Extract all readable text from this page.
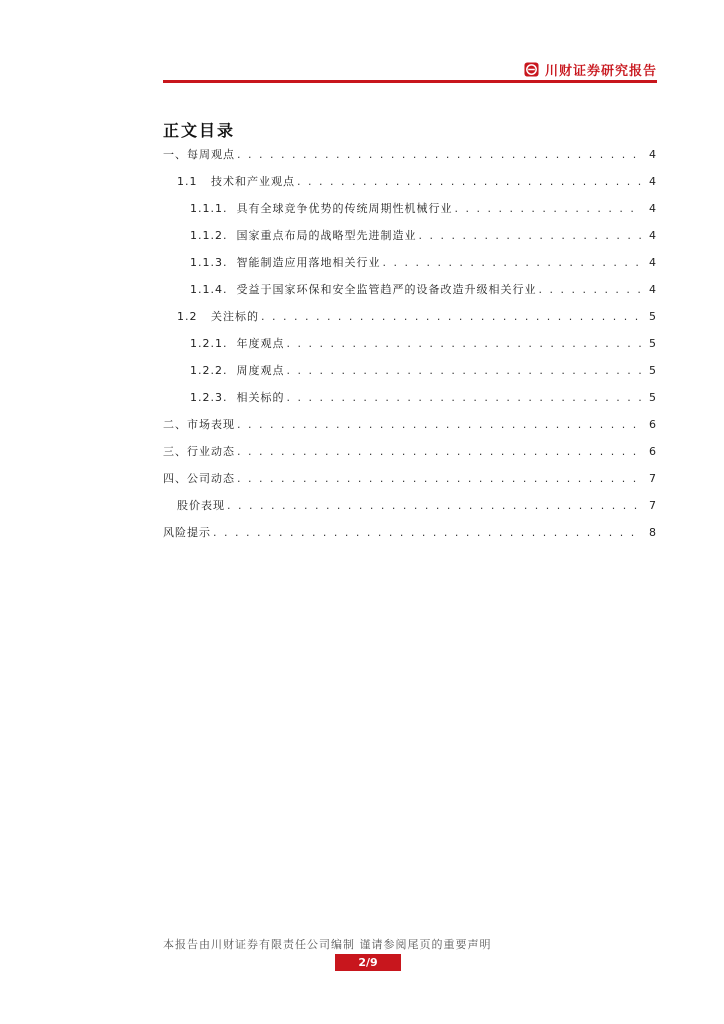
川财证券研究报告
正文目录
一、 每周观点 . . .	4
1.1 技术和产业观点 . . .	4
1.1.1. 具有全球竞争优势的传统周期性机械行业 . . .	4
1.1.2. 国家重点布局的战略型先进制造业 . . .	4
1.1.3. 智能制造应用落地相关行业 . . .	4
1.1.4. 受益于国家环保和安全监管趋严的设备改造升级相关行业 . . .	4
1.2 关注标的 . . .	5
1.2.1. 年度观点 . . .	5
1.2.2. 周度观点 . . .	5
1.2.3. 相关标的 . . .	5
二、 市场表现 . . .	6
三、 行业动态 . . .	6
四、 公司动态 . . .	7
股价表现 . . .	7
风险提示 . . .	8
本报告由川财证券有限责任公司编制 谨请参阅尾页的重要声明
2/9
